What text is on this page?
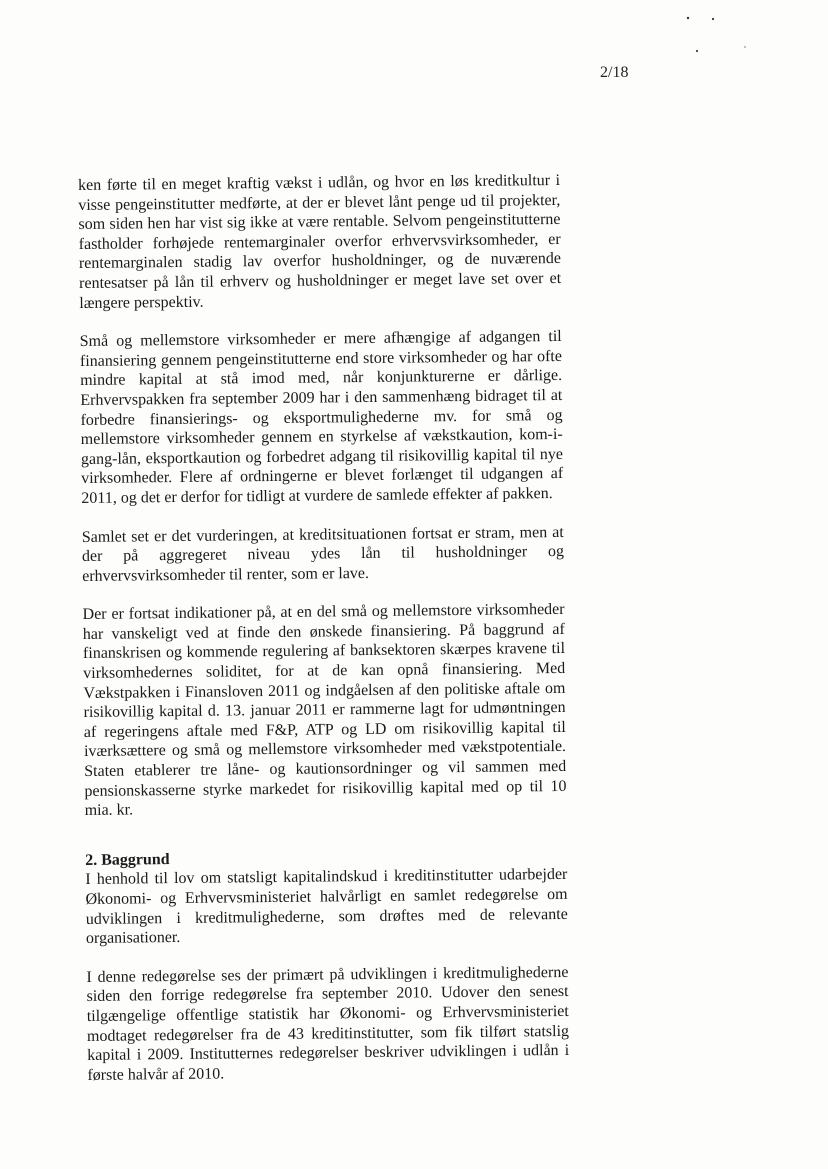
2/18

ken førte til en meget kraftig vækst i udlån, og hvor en løs kreditkultur i visse pengeinstitutter medførte, at der er blevet lånt penge ud til projekter, som siden hen har vist sig ikke at være rentable. Selvom pengeinstitutterne fastholder forhøjede rentemarginaler overfor erhvervsvirksomheder, er rentemarginalen stadig lav overfor husholdninger, og de nuværende rentesatser på lån til erhverv og husholdninger er meget lave set over et længere perspektiv.

Små og mellemstore virksomheder er mere afhængige af adgangen til finansiering gennem pengeinstitutterne end store virksomheder og har ofte mindre kapital at stå imod med, når konjunkturerne er dårlige. Erhvervspakken fra september 2009 har i den sammenhæng bidraget til at forbedre finansierings- og eksportmulighederne mv. for små og mellemstore virksomheder gennem en styrkelse af vækstkaution, kom-i-gang-lån, eksportkaution og forbedret adgang til risikovillig kapital til nye virksomheder. Flere af ordningerne er blevet forlænget til udgangen af 2011, og det er derfor for tidligt at vurdere de samlede effekter af pakken.

Samlet set er det vurderingen, at kreditsituationen fortsat er stram, men at der på aggregeret niveau ydes lån til husholdninger og erhvervsvirksomheder til renter, som er lave.

Der er fortsat indikationer på, at en del små og mellemstore virksomheder har vanskeligt ved at finde den ønskede finansiering. På baggrund af finanskrisen og kommende regulering af banksektoren skærpes kravene til virksomhedernes soliditet, for at de kan opnå finansiering. Med Vækstpakken i Finansloven 2011 og indgåelsen af den politiske aftale om risikovillig kapital d. 13. januar 2011 er rammerne lagt for udmøntningen af regeringens aftale med F&P, ATP og LD om risikovillig kapital til iværksættere og små og mellemstore virksomheder med vækstpotentiale. Staten etablerer tre låne- og kautionsordninger og vil sammen med pensionskasserne styrke markedet for risikovillig kapital med op til 10 mia. kr.

2. Baggrund

I henhold til lov om statsligt kapitalindskud i kreditinstitutter udarbejder Økonomi- og Erhvervsministeriet halvårligt en samlet redegørelse om udviklingen i kreditmulighederne, som drøftes med de relevante organisationer.

I denne redegørelse ses der primært på udviklingen i kreditmulighederne siden den forrige redegørelse fra september 2010. Udover den senest tilgængelige offentlige statistik har Økonomi- og Erhvervsministeriet modtaget redegørelser fra de 43 kreditinstitutter, som fik tilført statslig kapital i 2009. Institutternes redegørelser beskriver udviklingen i udlån i første halvår af 2010.
